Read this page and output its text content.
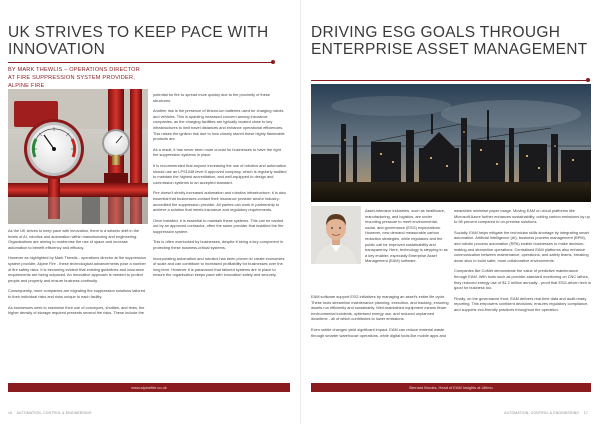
UK STRIVES TO KEEP PACE WITH INNOVATION

BY MARK THEWLIS – OPERATIONS DIRECTOR AT FIRE SUPPRESSION SYSTEM PROVIDER, ALPINE FIRE

As the UK strives to keep pace with innovation, there is a seismic shift in the levels of AI, robotics and automation within manufacturing and engineering. Organisations are aiming to modernise the use of space and increase automation to benefit efficiency and efficacy.

However as highlighted by Mark Thewlis - operations director at fire suppression system provider, Alpine Fire - these technological advancements pose a number of fire safety risks. It is becoming evident that existing guidelines and insurance requirements are being outpaced. An innovative approach is needed to protect people and property and ensure business continuity.

Consequently, more companies are migrating fire suppression solutions tailored to their individual risks and risks unique to each facility.

As businesses seek to maximise their use of conveyors, shuttles, and tines, the higher density of storage required presents several fire risks. These include the

potential for fire to spread more quickly due to the proximity of these structures.

Another risk is the presence of lithium-ion batteries used for charging robots and vehicles. This is sparking increased concern among insurance companies, as the charging facilities are typically located close to key infrastructures to limit travel distances and enhance operational efficiencies. This raises the ignition risk due to how closely stored these highly flammable products are.

As a result, it has never been more crucial for businesses to have the right fire suppression systems in place.

It is recommended that anyone increasing the use of robotics and automation should use an LPS1048 level 6 approved company, which is regularly audited to maintain the highest accreditation, and well-equipped to design and commission systems to an accepted standard.

Fire doesn't strictly increased automation and robotics infrastructure; it is also essential that businesses contact their insurance provider and/or industry-accredited fire suppression provider. All parties can work in partnership to achieve a solution that meets insurance and regulatory requirements.

Once installed, it is essential to maintain these systems. This can be carried out by an approved contractor, often the same provider that installed the fire suppression system.

This is often overlooked by businesses, despite it being a key component in protecting these business-critical systems.

Incorporating automation and robotics has been proven to create economies of scale and can contribute to increased profitability for businesses over the long term. However it is paramount that tailored systems are in place to ensure the organisation keeps pace with innovation safely and securely.

www.alpinefire.co.uk
16 AUTOMATION, CONTROL & ENGINEERING
DRIVING ESG GOALS THROUGH ENTERPRISE ASSET MANAGEMENT

Asset-intensive industries, such as healthcare, manufacturing, and logistics, are under mounting pressure to meet environmental, social, and governance (ESG) expectations. However, new demand measurable carbon reduction strategies, while regulators and the public call for improved sustainability and transparency. Here, technology is stepping in as a key enabler, especially Enterprise Asset Management (EAM) software.

EAM software support ESG initiatives by managing an asset's entire life cycle. These tools streamline maintenance planning, execution, and tracking, ensuring assets run efficiently and sustainably. Well-maintained equipment means fewer environmental incidents, optimised energy use, and reduced unplanned downtime - all of which contributes to lower emissions.

Even subtle changes yield significant impact. EAM can reduce material waste through smarter warehouse operations, while digital tools like mobile apps and

wearables minimise paper usage. Moving EAM on cloud platforms like Microsoft Azure further enhances sustainability, cutting carbon emissions by up to 98 percent compared to on-premise solutions.

Socially, EAM helps mitigate the technician skills shortage by integrating smart automation. Artificial intelligence (AI), business process management (BPM), and robotic process automation (RPA) enable businesses to make decision-making and streamline operations. Centralised EAM platforms also enhance communication between maintenance, operations, and safety teams, breaking down silos to build safer, more collaborative environments.

Companies like CoMet demonstrate the value of predictive maintenance through EAM. With tools such as provider-standard monitoring on CNC lathes, they reduced energy use of $1.2 million annually - proof that ESG-driven tech is good for business too.

Finally, on the governance front, EAM delivers real-time data and audit-ready reporting. This empowers confident decisions, ensures regulatory compliance, and supports eco-friendly practices throughout the operation.

Bernard Brooks, Head of EAM Insights at Ultimo
AUTOMATION, CONTROL & ENGINEERING 17
